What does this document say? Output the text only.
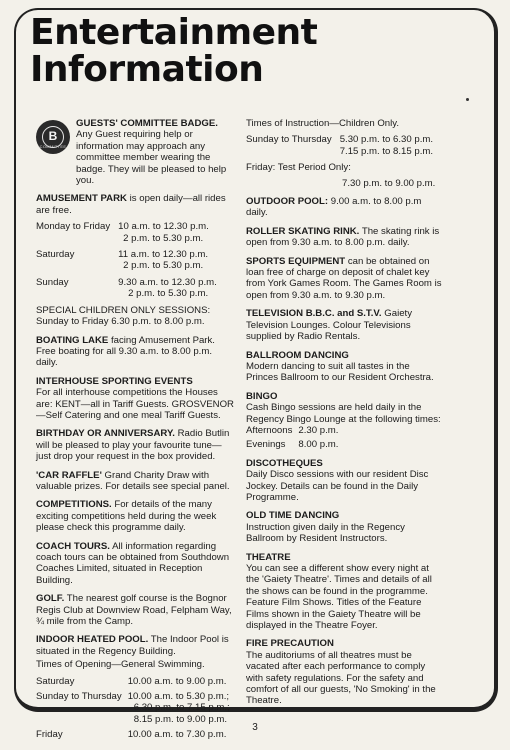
Entertainment
Information
B
COMMITTEE
GUESTS' COMMITTEE BADGE. Any Guest requiring help or information may approach any committee member wearing the badge. They will be pleased to help you.
AMUSEMENT PARK is open daily—all rides are free.
Monday to Friday	10 a.m. to 12.30 p.m.
2 p.m. to 5.30 p.m.

Saturday	11 a.m. to 12.30 p.m.
2 p.m. to 5.30 p.m.

Sunday	9.30 a.m. to 12.30 p.m.
2 p.m. to 5.30 p.m.
SPECIAL CHILDREN ONLY SESSIONS:
Sunday to Friday 6.30 p.m. to 8.00 p.m.
BOATING LAKE facing Amusement Park. Free boating for all 9.30 a.m. to 8.00 p.m. daily.
INTERHOUSE SPORTING EVENTS
For all interhouse competitions the Houses are: KENT—all in Tariff Guests. GROSVENOR—Self Catering and one meal Tariff Guests.
BIRTHDAY OR ANNIVERSARY. Radio Butlin will be pleased to play your favourite tune—just drop your request in the box provided.
'CAR RAFFLE' Grand Charity Draw with valuable prizes. For details see special panel.
COMPETITIONS. For details of the many exciting competitions held during the week please check this programme daily.
COACH TOURS. All information regarding coach tours can be obtained from Southdown Coaches Limited, situated in Reception Building.
GOLF. The nearest golf course is the Bognor Regis Club at Downview Road, Felpham Way, ¾ mile from the Camp.
INDOOR HEATED POOL. The Indoor Pool is situated in the Regency Building.
Times of Opening—General Swimming.
Saturday	10.00 a.m. to 9.00 p.m.

Sunday to Thursday	10.00 a.m. to 5.30 p.m.;
6.30 p.m. to 7.15 p.m.;
8.15 p.m. to 9.00 p.m.

Friday	10.00 a.m. to 7.30 p.m.
Times of Instruction—Children Only.
Sunday to Thursday	5.30 p.m. to 6.30 p.m.
7.15 p.m. to 8.15 p.m.
Friday: Test Period Only:
7.30 p.m. to 9.00 p.m.
OUTDOOR POOL: 9.00 a.m. to 8.00 p.m daily.
ROLLER SKATING RINK. The skating rink is open from 9.30 a.m. to 8.00 p.m. daily.
SPORTS EQUIPMENT can be obtained on loan free of charge on deposit of chalet key from York Games Room. The Games Room is open from 9.30 a.m. to 9.30 p.m.
TELEVISION B.B.C. and S.T.V. Gaiety Television Lounges. Colour Televisions supplied by Radio Rentals.
BALLROOM DANCING
Modern dancing to suit all tastes in the Princes Ballroom to our Resident Orchestra.
BINGO
Cash Bingo sessions are held daily in the Regency Bingo Lounge at the following times:
Afternoons	2.30 p.m.
Evenings	8.00 p.m.
DISCOTHEQUES
Daily Disco sessions with our resident Disc Jockey. Details can be found in the Daily Programme.
OLD TIME DANCING
Instruction given daily in the Regency Ballroom by Resident Instructors.
THEATRE
You can see a different show every night at the 'Gaiety Theatre'. Times and details of all the shows can be found in the programme. Feature Film Shows. Titles of the Feature Films shown in the Gaiety Theatre will be displayed in the Theatre Foyer.
FIRE PRECAUTION
The auditoriums of all theatres must be vacated after each performance to comply with safety regulations. For the safety and comfort of all our guests, 'No Smoking' in the Theatre.
3
